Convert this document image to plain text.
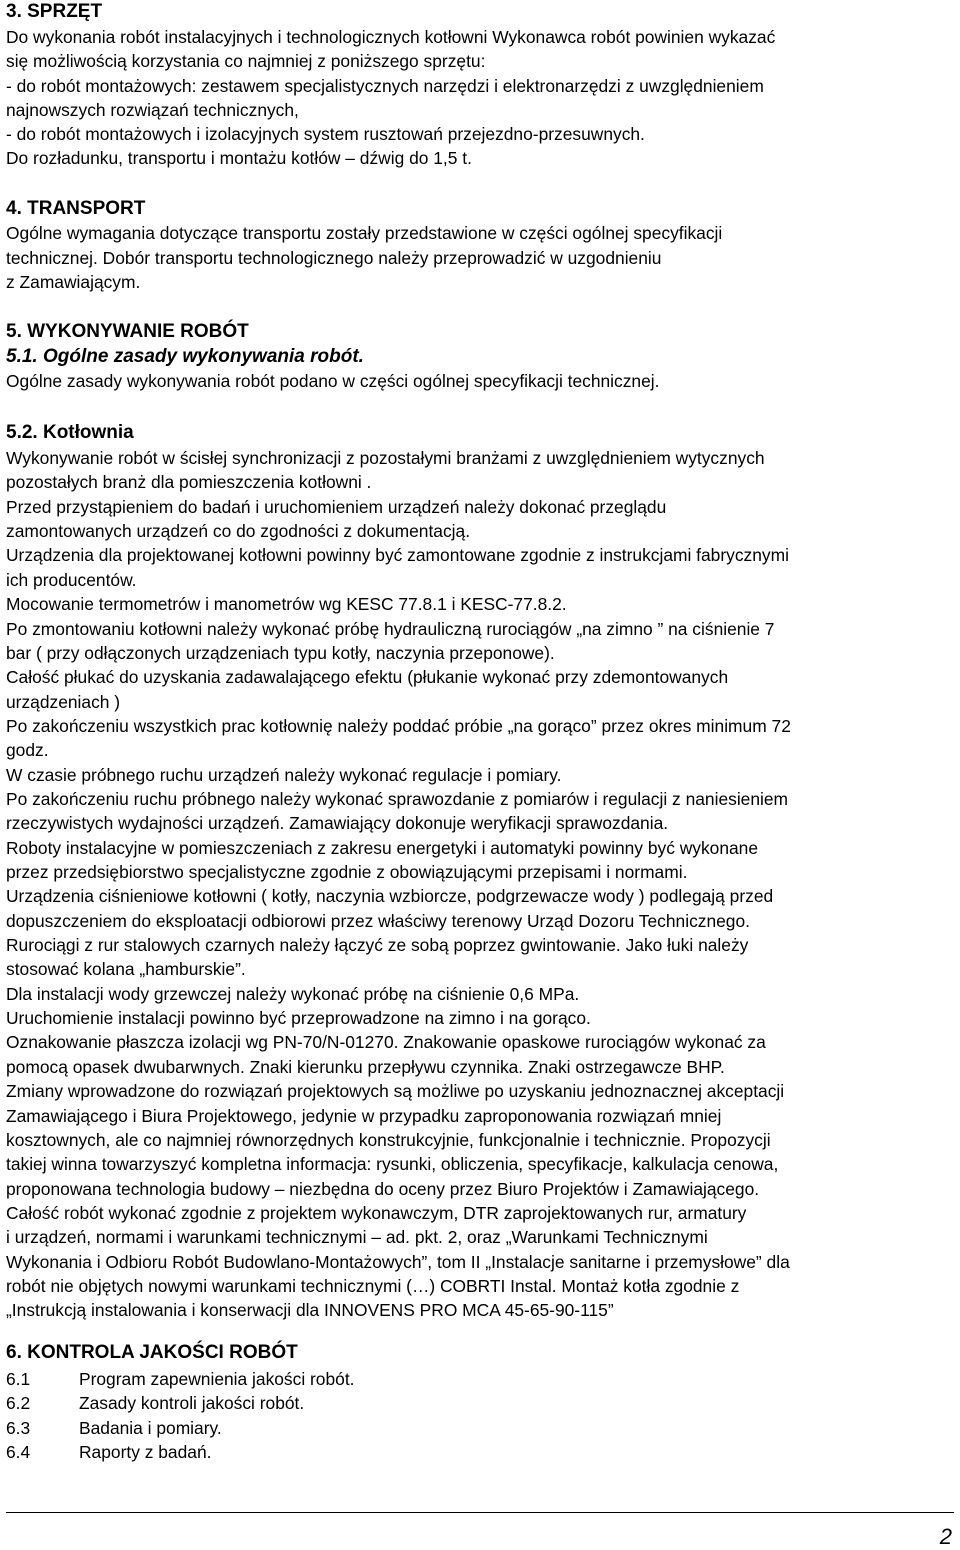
3. SPRZĘT
Do wykonania robót instalacyjnych i technologicznych kotłowni Wykonawca robót powinien wykazać
się możliwością korzystania co najmniej z poniższego sprzętu:
- do robót montażowych: zestawem specjalistycznych narzędzi i elektronarzędzi z uwzględnieniem
najnowszych rozwiązań technicznych,
- do robót montażowych i izolacyjnych system rusztowań przejezdno-przesuwnych.
Do rozładunku, transportu i montażu kotłów – dźwig do 1,5 t.
4. TRANSPORT
Ogólne wymagania dotyczące transportu zostały przedstawione w części ogólnej specyfikacji
technicznej. Dobór transportu technologicznego należy przeprowadzić w uzgodnieniu
z Zamawiającym.
5. WYKONYWANIE ROBÓT
5.1. Ogólne zasady wykonywania robót.
Ogólne zasady wykonywania robót podano w części ogólnej specyfikacji technicznej.
5.2. Kotłownia
Wykonywanie robót w ścisłej synchronizacji z pozostałymi branżami z uwzględnieniem wytycznych
pozostałych branż dla pomieszczenia kotłowni .
Przed przystąpieniem do badań i uruchomieniem urządzeń należy dokonać przeglądu
zamontowanych urządzeń co do zgodności z dokumentacją.
Urządzenia dla projektowanej kotłowni powinny być zamontowane zgodnie z instrukcjami fabrycznymi
ich producentów.
Mocowanie termometrów i manometrów wg KESC 77.8.1 i KESC-77.8.2.
Po zmontowaniu kotłowni należy wykonać próbę hydrauliczną rurociągów „na zimno ” na ciśnienie 7
bar ( przy odłączonych urządzeniach typu kotły, naczynia przeponowe).
Całość płukać do uzyskania zadawalającego efektu (płukanie wykonać przy zdemontowanych
urządzeniach )
Po zakończeniu wszystkich prac kotłownię należy poddać próbie „na gorąco” przez okres minimum 72
godz.
W czasie próbnego ruchu urządzeń należy wykonać regulacje i pomiary.
Po zakończeniu ruchu próbnego należy wykonać sprawozdanie z pomiarów i regulacji z naniesieniem
rzeczywistych wydajności urządzeń. Zamawiający dokonuje weryfikacji sprawozdania.
Roboty instalacyjne w pomieszczeniach z zakresu energetyki i automatyki powinny być wykonane
przez przedsiębiorstwo specjalistyczne zgodnie z obowiązującymi przepisami i normami.
Urządzenia ciśnieniowe kotłowni ( kotły, naczynia wzbiorcze, podgrzewacze wody ) podlegają przed
dopuszczeniem do eksploatacji odbiorowi przez właściwy terenowy Urząd Dozoru Technicznego.
Rurociągi z rur stalowych czarnych należy łączyć ze sobą poprzez gwintowanie. Jako łuki należy
stosować kolana „hamburskie”.
Dla instalacji wody grzewczej należy wykonać próbę na ciśnienie 0,6 MPa.
Uruchomienie instalacji powinno być przeprowadzone na zimno i na gorąco.
Oznakowanie płaszcza izolacji wg PN-70/N-01270. Znakowanie opaskowe rurociągów wykonać za
pomocą opasek dwubarwnych. Znaki kierunku przepływu czynnika. Znaki ostrzegawcze BHP.
Zmiany wprowadzone do rozwiązań projektowych są możliwe po uzyskaniu jednoznacznej akceptacji
Zamawiającego i Biura Projektowego, jedynie w przypadku zaproponowania rozwiązań mniej
kosztownych, ale co najmniej równorzędnych konstrukcyjnie, funkcjonalnie i technicznie. Propozycji
takiej winna towarzyszyć kompletna informacja: rysunki, obliczenia, specyfikacje, kalkulacja cenowa,
proponowana technologia budowy – niezbędna do oceny przez Biuro Projektów i Zamawiającego.
Całość robót wykonać zgodnie z projektem wykonawczym, DTR zaprojektowanych rur, armatury
i urządzeń, normami i warunkami technicznymi – ad. pkt. 2, oraz „Warunkami Technicznymi
Wykonania i Odbioru Robót Budowlano-Montażowych”, tom II „Instalacje sanitarne i przemysłowe” dla
robót nie objętych nowymi warunkami technicznymi (…) COBRTI Instal. Montaż kotła zgodnie z
„Instrukcją instalowania i konserwacji dla INNOVENS PRO MCA 45-65-90-115”
6. KONTROLA JAKOŚCI ROBÓT
6.1	Program zapewnienia jakości robót.
6.2	Zasady kontroli jakości robót.
6.3	Badania i pomiary.
6.4	Raporty z badań.
2
